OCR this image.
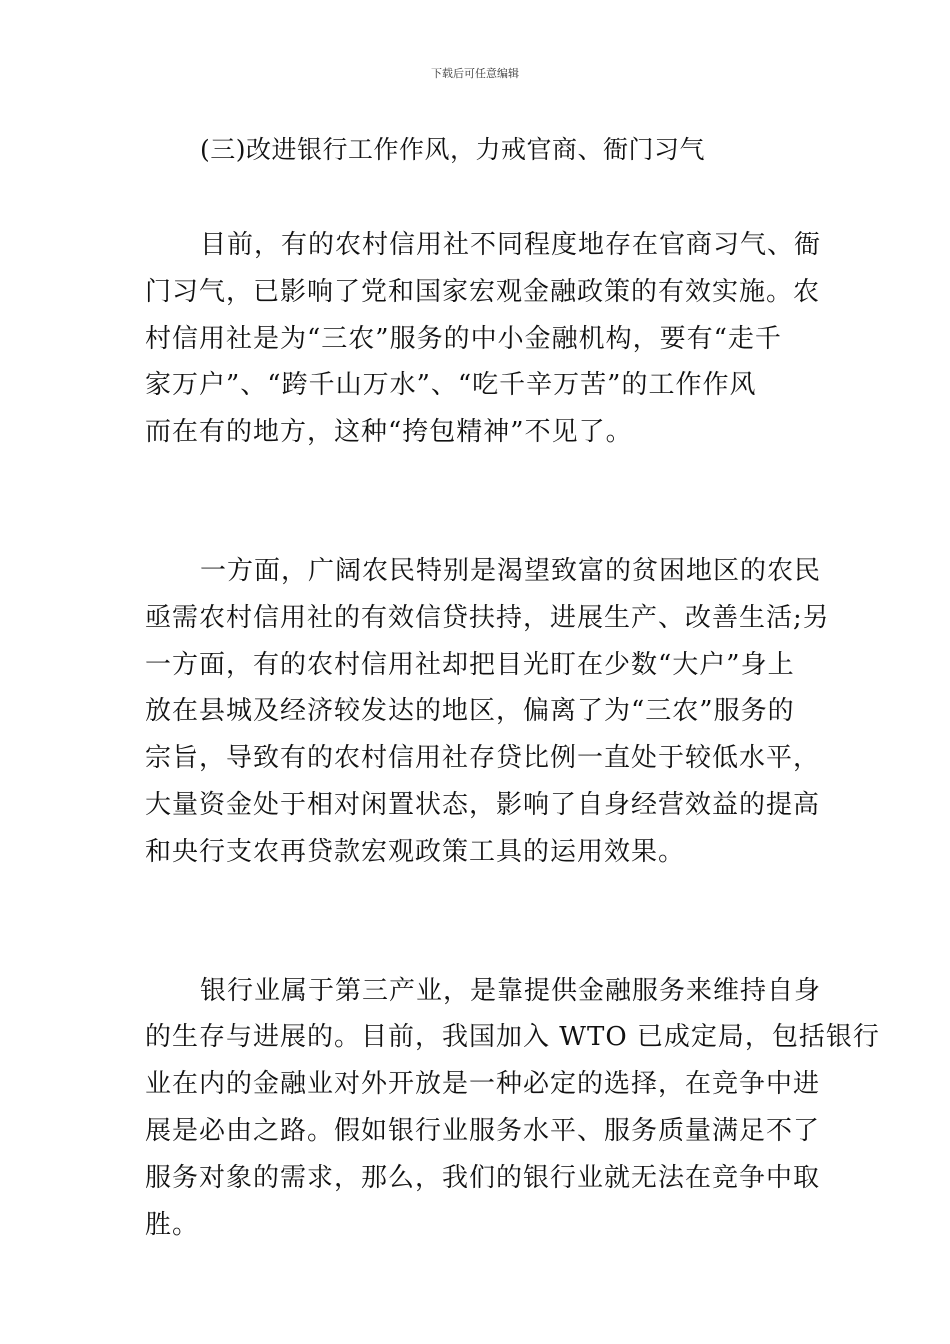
下载后可任意编辑
(三)改进银行工作作风，力戒官商、衙门习气
目前，有的农村信用社不同程度地存在官商习气、衙
门习气，已影响了党和国家宏观金融政策的有效实施。农
村信用社是为“三农”服务的中小金融机构，要有“走千
家万户”、“跨千山万水”、“吃千辛万苦”的工作作风
而在有的地方，这种“挎包精神”不见了。
一方面，广阔农民特别是渴望致富的贫困地区的农民
亟需农村信用社的有效信贷扶持，进展生产、改善生活;另
一方面，有的农村信用社却把目光盯在少数“大户”身上
放在县城及经济较发达的地区，偏离了为“三农”服务的
宗旨，导致有的农村信用社存贷比例一直处于较低水平，
大量资金处于相对闲置状态，影响了自身经营效益的提高
和央行支农再贷款宏观政策工具的运用效果。
银行业属于第三产业，是靠提供金融服务来维持自身
的生存与进展的。目前，我国加入 WTO 已成定局，包括银行
业在内的金融业对外开放是一种必定的选择，在竞争中进
展是必由之路。假如银行业服务水平、服务质量满足不了
服务对象的需求，那么，我们的银行业就无法在竞争中取
胜。
